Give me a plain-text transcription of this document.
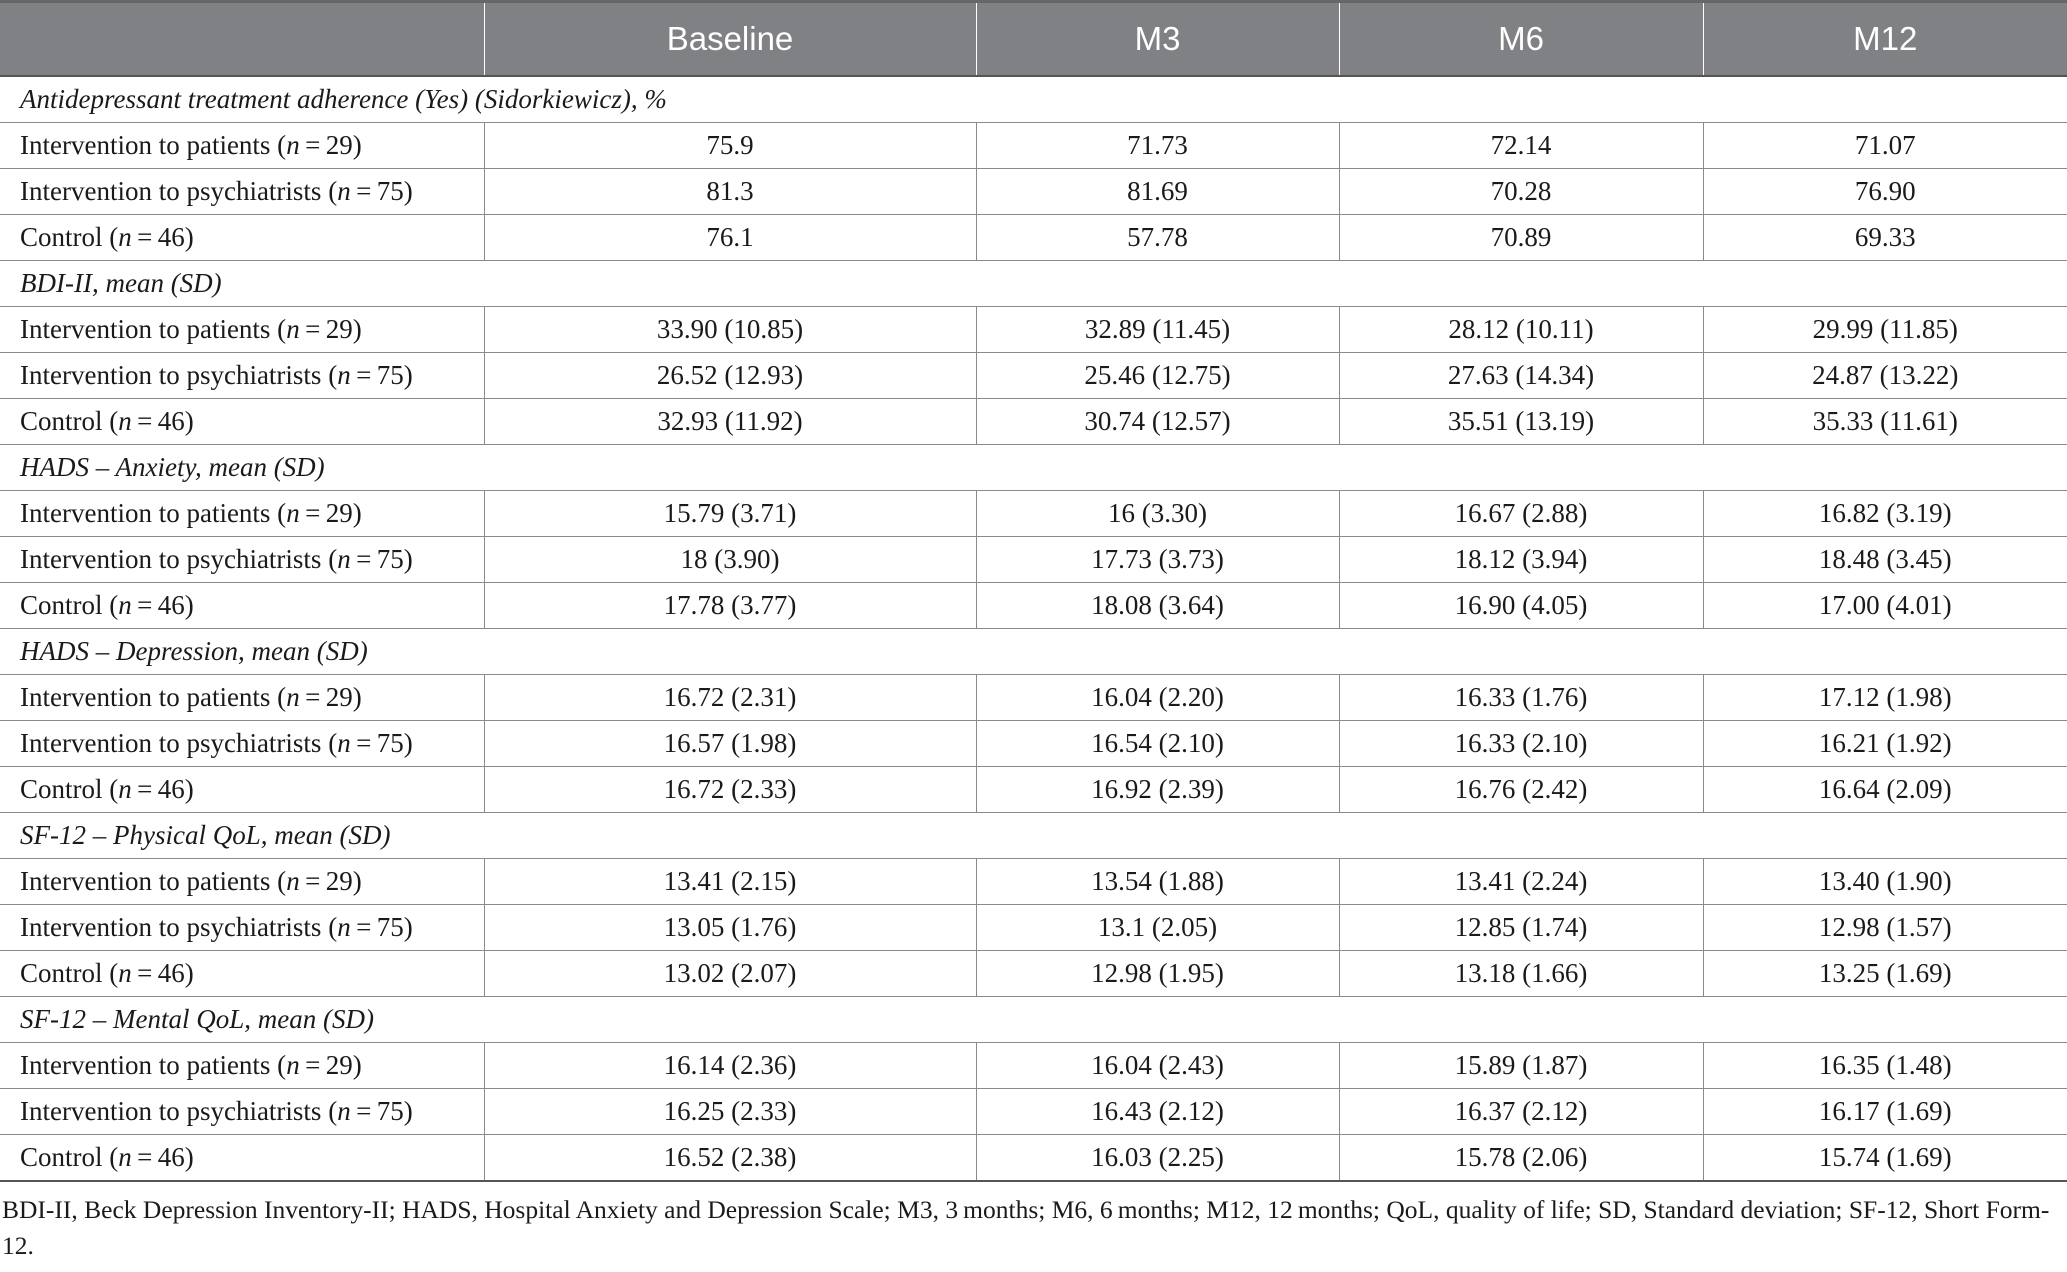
	Baseline	M3	M6	M12
Antidepressant treatment adherence (Yes) (Sidorkiewicz), %				
Intervention to patients (n = 29)	75.9	71.73	72.14	71.07
Intervention to psychiatrists (n = 75)	81.3	81.69	70.28	76.90
Control (n = 46)	76.1	57.78	70.89	69.33
BDI-II, mean (SD)				
Intervention to patients (n = 29)	33.90 (10.85)	32.89 (11.45)	28.12 (10.11)	29.99 (11.85)
Intervention to psychiatrists (n = 75)	26.52 (12.93)	25.46 (12.75)	27.63 (14.34)	24.87 (13.22)
Control (n = 46)	32.93 (11.92)	30.74 (12.57)	35.51 (13.19)	35.33 (11.61)
HADS – Anxiety, mean (SD)				
Intervention to patients (n = 29)	15.79 (3.71)	16 (3.30)	16.67 (2.88)	16.82 (3.19)
Intervention to psychiatrists (n = 75)	18 (3.90)	17.73 (3.73)	18.12 (3.94)	18.48 (3.45)
Control (n = 46)	17.78 (3.77)	18.08 (3.64)	16.90 (4.05)	17.00 (4.01)
HADS – Depression, mean (SD)				
Intervention to patients (n = 29)	16.72 (2.31)	16.04 (2.20)	16.33 (1.76)	17.12 (1.98)
Intervention to psychiatrists (n = 75)	16.57 (1.98)	16.54 (2.10)	16.33 (2.10)	16.21 (1.92)
Control (n = 46)	16.72 (2.33)	16.92 (2.39)	16.76 (2.42)	16.64 (2.09)
SF-12 – Physical QoL, mean (SD)				
Intervention to patients (n = 29)	13.41 (2.15)	13.54 (1.88)	13.41 (2.24)	13.40 (1.90)
Intervention to psychiatrists (n = 75)	13.05 (1.76)	13.1 (2.05)	12.85 (1.74)	12.98 (1.57)
Control (n = 46)	13.02 (2.07)	12.98 (1.95)	13.18 (1.66)	13.25 (1.69)
SF-12 – Mental QoL, mean (SD)				
Intervention to patients (n = 29)	16.14 (2.36)	16.04 (2.43)	15.89 (1.87)	16.35 (1.48)
Intervention to psychiatrists (n = 75)	16.25 (2.33)	16.43 (2.12)	16.37 (2.12)	16.17 (1.69)
Control (n = 46)	16.52 (2.38)	16.03 (2.25)	15.78 (2.06)	15.74 (1.69)
BDI-II, Beck Depression Inventory-II; HADS, Hospital Anxiety and Depression Scale; M3, 3 months; M6, 6 months; M12, 12 months; QoL, quality of life; SD, Standard deviation; SF-12, Short Form-12.
